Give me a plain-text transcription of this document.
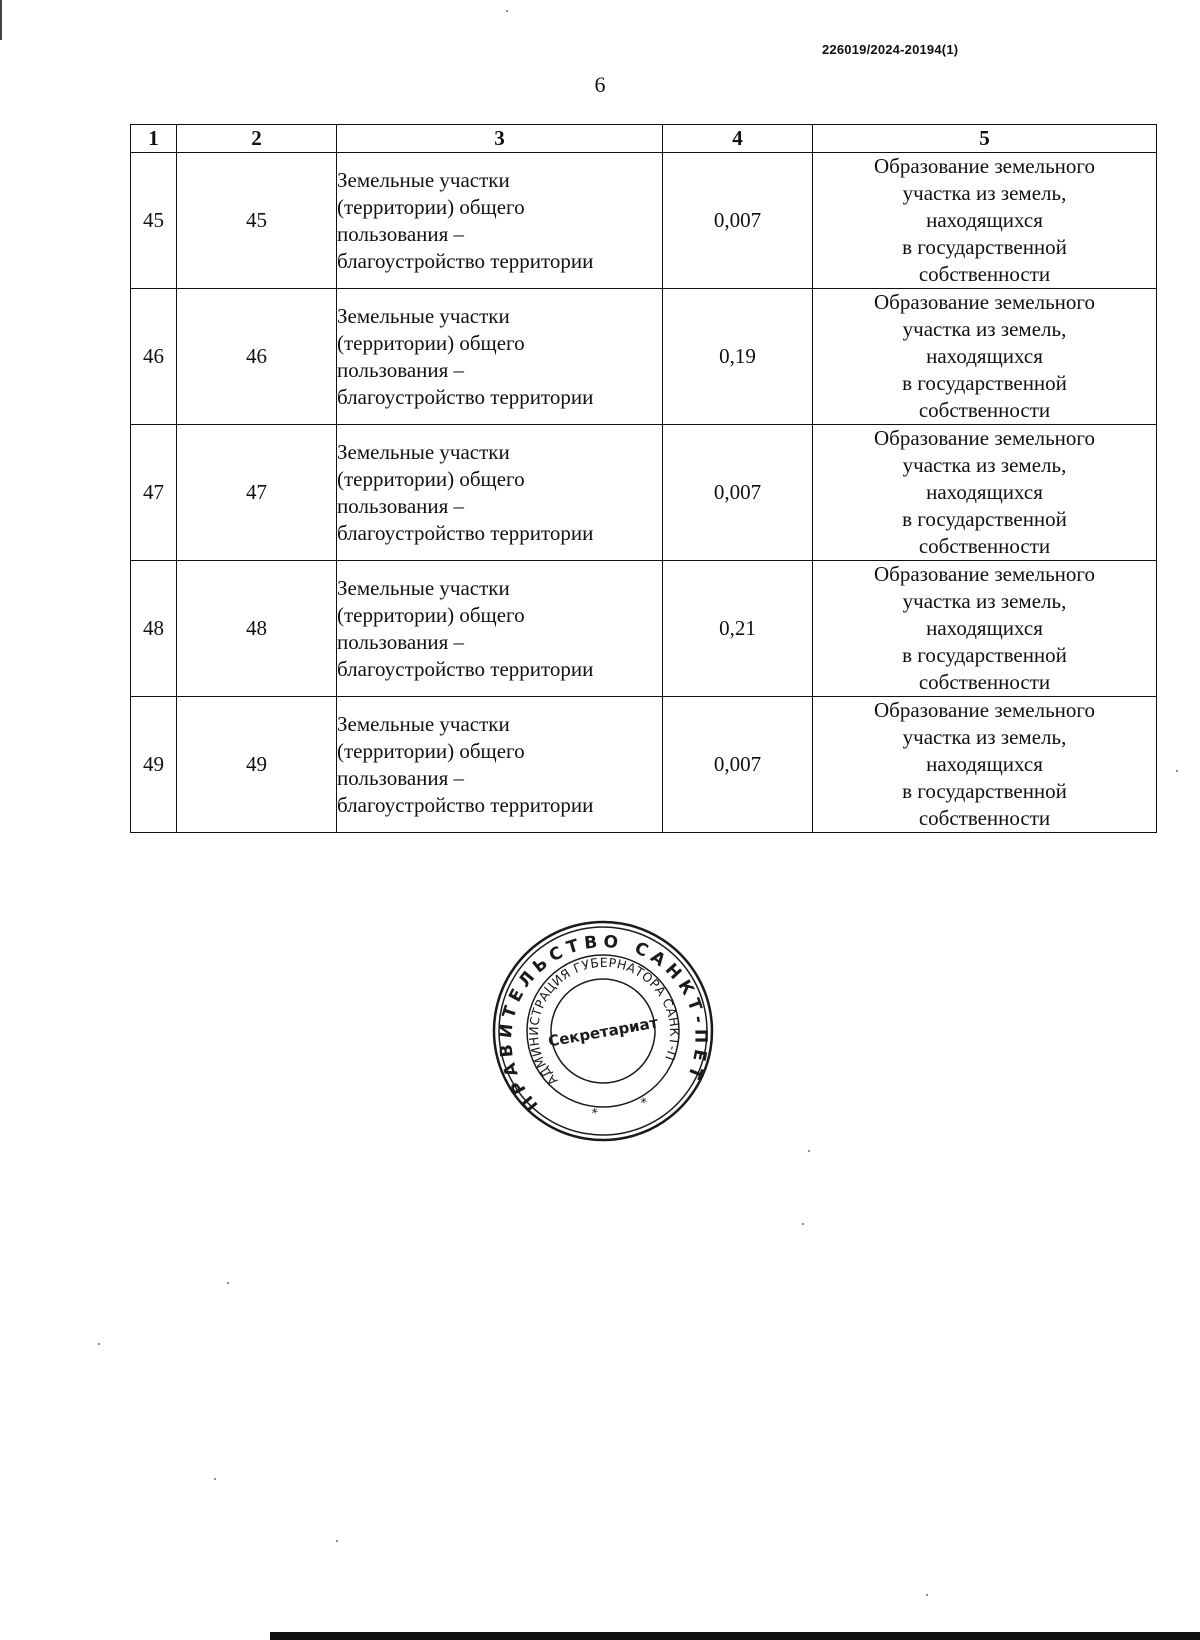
226019/2024-20194(1)
6
1	2	3	4	5
45	45	Земельные участки
(территории) общего
пользования –
благоустройство территории	0,007	Образование земельного
участка из земель,
находящихся
в государственной
собственности

46	46	Земельные участки
(территории) общего
пользования –
благоустройство территории	0,19	Образование земельного
участка из земель,
находящихся
в государственной
собственности

47	47	Земельные участки
(территории) общего
пользования –
благоустройство территории	0,007	Образование земельного
участка из земель,
находящихся
в государственной
собственности

48	48	Земельные участки
(территории) общего
пользования –
благоустройство территории	0,21	Образование земельного
участка из земель,
находящихся
в государственной
собственности

49	49	Земельные участки
(территории) общего
пользования –
благоустройство территории	0,007	Образование земельного
участка из земель,
находящихся
в государственной
собственности
ПРАВИТЕЛЬСТВО САНКТ-ПЕТЕРБУРГА
АДМИНИСТРАЦИЯ ГУБЕРНАТОРА САНКТ-ПЕТЕРБУРГА
*
*
Секретариат
